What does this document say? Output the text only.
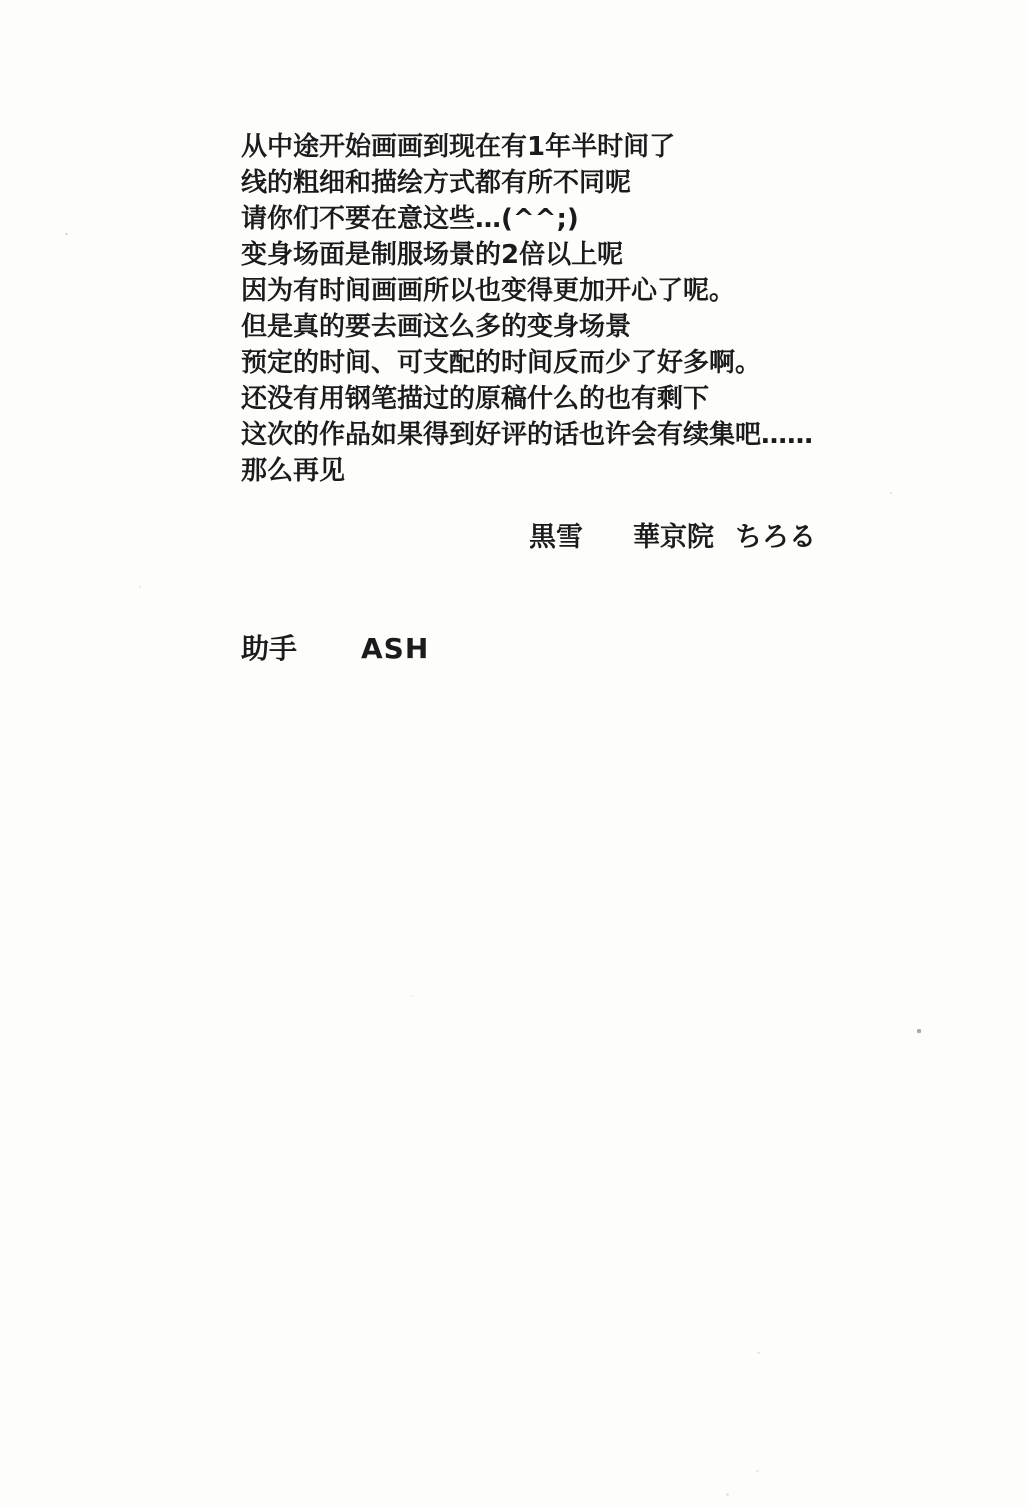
从中途开始画画到现在有1年半时间了

线的粗细和描绘方式都有所不同呢

请你们不要在意这些…(^^;)

变身场面是制服场景的2倍以上呢

因为有时间画画所以也变得更加开心了呢。

但是真的要去画这么多的变身场景

预定的时间、可支配的时间反而少了好多啊。

还没有用钢笔描过的原稿什么的也有剩下

这次的作品如果得到好评的话也许会有续集吧……

那么再见

黒雪 華京院 ちろる
助手 ASH
